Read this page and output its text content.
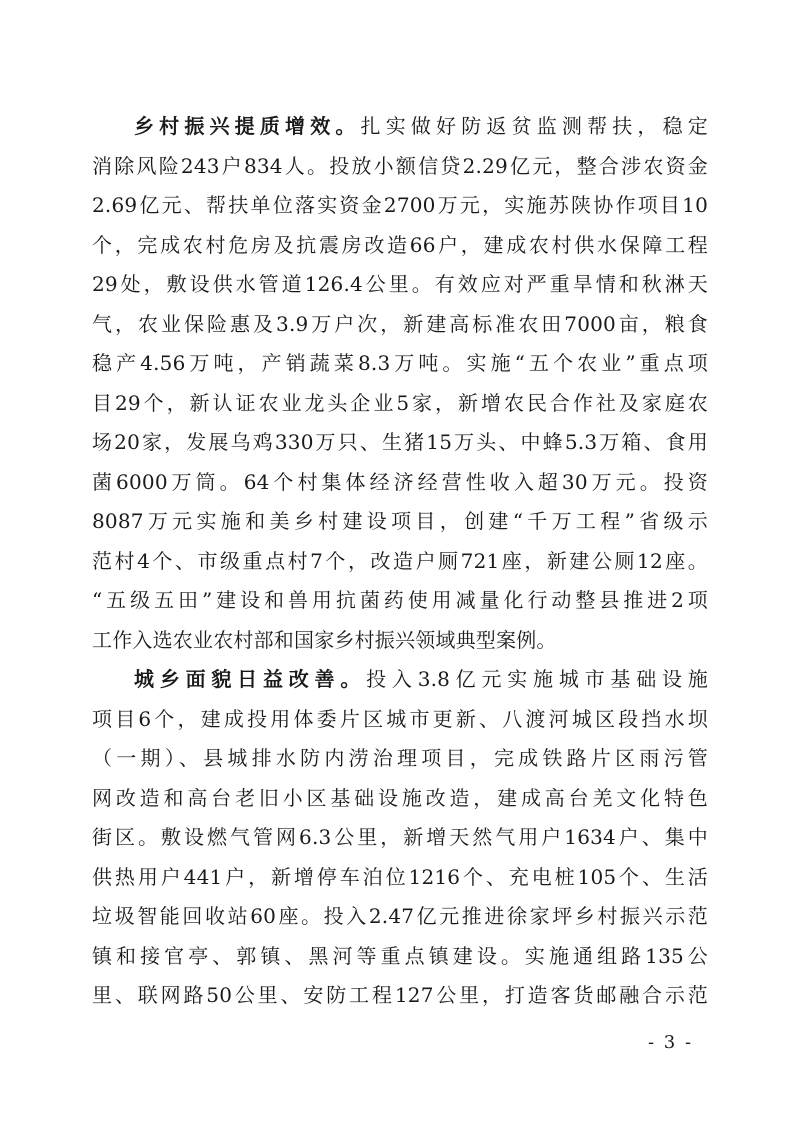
乡村振兴提质增效。扎实做好防返贫监测帮扶，稳定
消除风险243户834人。投放小额信贷2.29亿元，整合涉农资金
2.69亿元、帮扶单位落实资金2700万元，实施苏陕协作项目10
个，完成农村危房及抗震房改造66户，建成农村供水保障工程
29处，敷设供水管道126.4公里。有效应对严重旱情和秋淋天
气，农业保险惠及3.9万户次，新建高标准农田7000亩，粮食
稳产4.56万吨，产销蔬菜8.3万吨。实施“五个农业”重点项
目29个，新认证农业龙头企业5家，新增农民合作社及家庭农
场20家，发展乌鸡330万只、生猪15万头、中蜂5.3万箱、食用
菌6000万筒。64个村集体经济经营性收入超30万元。投资
8087万元实施和美乡村建设项目，创建“千万工程”省级示
范村4个、市级重点村7个，改造户厕721座，新建公厕12座。
“五级五田”建设和兽用抗菌药使用减量化行动整县推进2项
工作入选农业农村部和国家乡村振兴领域典型案例。
城乡面貌日益改善。投入3.8亿元实施城市基础设施
项目6个，建成投用体委片区城市更新、八渡河城区段挡水坝
（一期）、县城排水防内涝治理项目，完成铁路片区雨污管
网改造和高台老旧小区基础设施改造，建成高台羌文化特色
街区。敷设燃气管网6.3公里，新增天然气用户1634户、集中
供热用户441户，新增停车泊位1216个、充电桩105个、生活
垃圾智能回收站60座。投入2.47亿元推进徐家坪乡村振兴示范
镇和接官亭、郭镇、黑河等重点镇建设。实施通组路135公
里、联网路50公里、安防工程127公里，打造客货邮融合示范
- 3 -
